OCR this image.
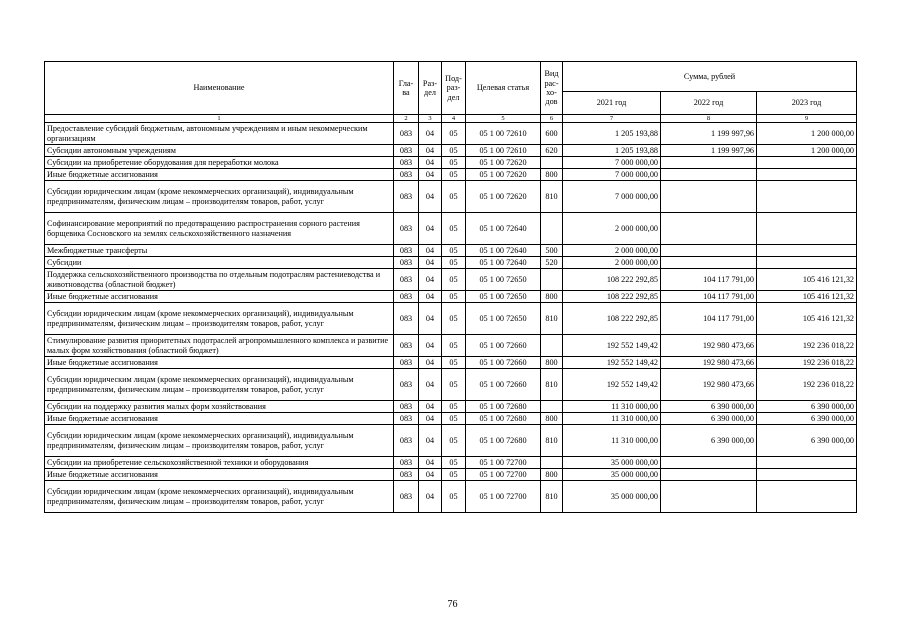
Наименование	Гла-ва	Раз-дел	Под-раз-дел	Целевая статья	Вид рас-хо-дов	Сумма, рублей		
						2021 год	2022 год	2023 год
1	2	3	4	5	6	7	8	9
Предоставление субсидий бюджетным, автономным учреждениям и иным некоммерческим организациям	083	04	05	05 1 00 72610	600	1 205 193,88	1 199 997,96	1 200 000,00
Субсидии автономным учреждениям	083	04	05	05 1 00 72610	620	1 205 193,88	1 199 997,96	1 200 000,00
Субсидии на приобретение оборудования для переработки молока	083	04	05	05 1 00 72620		7 000 000,00		
Иные бюджетные ассигнования	083	04	05	05 1 00 72620	800	7 000 000,00		
Субсидии юридическим лицам (кроме некоммерческих организаций), индивидуальным предпринимателям, физическим лицам – производителям товаров, работ, услуг	083	04	05	05 1 00 72620	810	7 000 000,00		
Софинансирование мероприятий по предотвращению распространения сорного растения борщевика Сосновского на землях сельскохозяйственного назначения	083	04	05	05 1 00 72640		2 000 000,00		
Межбюджетные трансферты	083	04	05	05 1 00 72640	500	2 000 000,00		
Субсидии	083	04	05	05 1 00 72640	520	2 000 000,00		
Поддержка сельскохозяйственного производства по отдельным подотраслям растениеводства и животноводства (областной бюджет)	083	04	05	05 1 00 72650		108 222 292,85	104 117 791,00	105 416 121,32
Иные бюджетные ассигнования	083	04	05	05 1 00 72650	800	108 222 292,85	104 117 791,00	105 416 121,32
Субсидии юридическим лицам (кроме некоммерческих организаций), индивидуальным предпринимателям, физическим лицам – производителям товаров, работ, услуг	083	04	05	05 1 00 72650	810	108 222 292,85	104 117 791,00	105 416 121,32
Стимулирование развития приоритетных подотраслей агропромышленного комплекса и развитие малых форм хозяйствования (областной бюджет)	083	04	05	05 1 00 72660		192 552 149,42	192 980 473,66	192 236 018,22
Иные бюджетные ассигнования	083	04	05	05 1 00 72660	800	192 552 149,42	192 980 473,66	192 236 018,22
Субсидии юридическим лицам (кроме некоммерческих организаций), индивидуальным предпринимателям, физическим лицам – производителям товаров, работ, услуг	083	04	05	05 1 00 72660	810	192 552 149,42	192 980 473,66	192 236 018,22
Субсидии на поддержку развития малых форм хозяйствования	083	04	05	05 1 00 72680		11 310 000,00	6 390 000,00	6 390 000,00
Иные бюджетные ассигнования	083	04	05	05 1 00 72680	800	11 310 000,00	6 390 000,00	6 390 000,00
Субсидии юридическим лицам (кроме некоммерческих организаций), индивидуальным предпринимателям, физическим лицам – производителям товаров, работ, услуг	083	04	05	05 1 00 72680	810	11 310 000,00	6 390 000,00	6 390 000,00
Субсидии на приобретение сельскохозяйственной техники и оборудования	083	04	05	05 1 00 72700		35 000 000,00		
Иные бюджетные ассигнования	083	04	05	05 1 00 72700	800	35 000 000,00		
Субсидии юридическим лицам (кроме некоммерческих организаций), индивидуальным предпринимателям, физическим лицам – производителям товаров, работ, услуг	083	04	05	05 1 00 72700	810	35 000 000,00		
76
